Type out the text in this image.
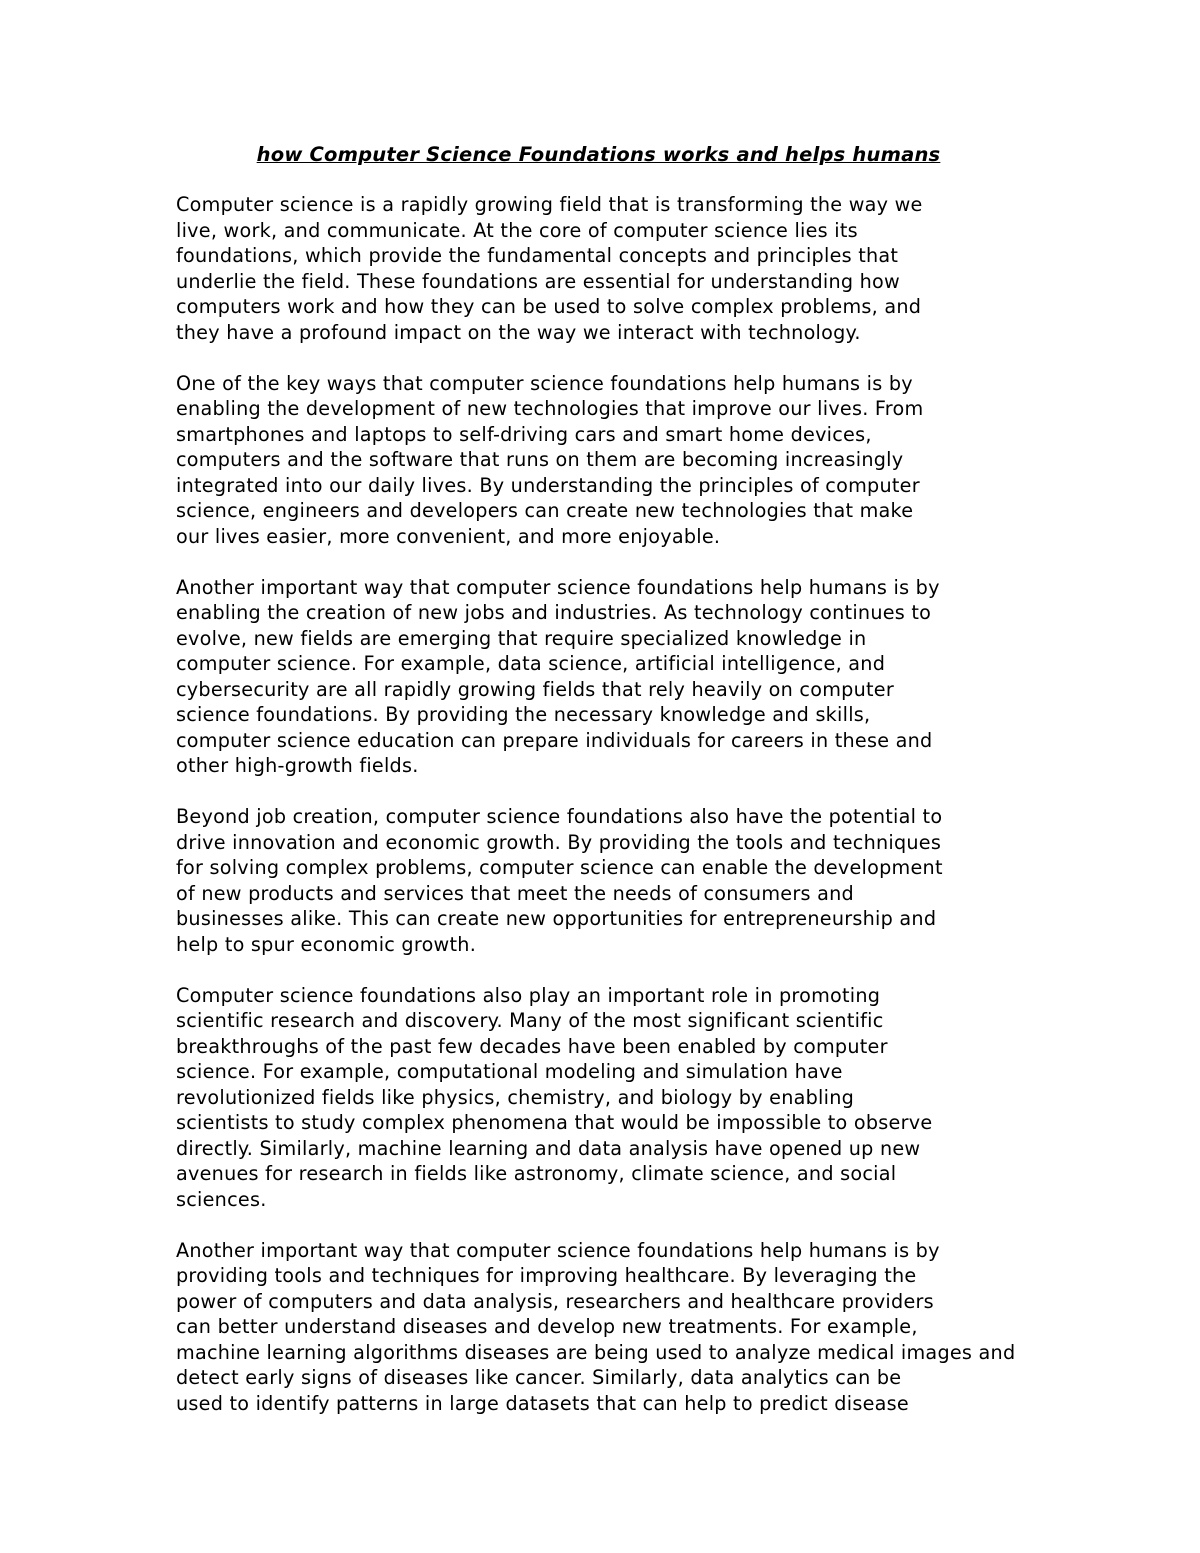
how Computer Science Foundations works and helps humans

Computer science is a rapidly growing field that is transforming the way we
live, work, and communicate. At the core of computer science lies its
foundations, which provide the fundamental concepts and principles that
underlie the field. These foundations are essential for understanding how
computers work and how they can be used to solve complex problems, and
they have a profound impact on the way we interact with technology.

One of the key ways that computer science foundations help humans is by
enabling the development of new technologies that improve our lives. From
smartphones and laptops to self-driving cars and smart home devices,
computers and the software that runs on them are becoming increasingly
integrated into our daily lives. By understanding the principles of computer
science, engineers and developers can create new technologies that make
our lives easier, more convenient, and more enjoyable.

Another important way that computer science foundations help humans is by
enabling the creation of new jobs and industries. As technology continues to
evolve, new fields are emerging that require specialized knowledge in
computer science. For example, data science, artificial intelligence, and
cybersecurity are all rapidly growing fields that rely heavily on computer
science foundations. By providing the necessary knowledge and skills,
computer science education can prepare individuals for careers in these and
other high-growth fields.

Beyond job creation, computer science foundations also have the potential to
drive innovation and economic growth. By providing the tools and techniques
for solving complex problems, computer science can enable the development
of new products and services that meet the needs of consumers and
businesses alike. This can create new opportunities for entrepreneurship and
help to spur economic growth.

Computer science foundations also play an important role in promoting
scientific research and discovery. Many of the most significant scientific
breakthroughs of the past few decades have been enabled by computer
science. For example, computational modeling and simulation have
revolutionized fields like physics, chemistry, and biology by enabling
scientists to study complex phenomena that would be impossible to observe
directly. Similarly, machine learning and data analysis have opened up new
avenues for research in fields like astronomy, climate science, and social
sciences.

Another important way that computer science foundations help humans is by
providing tools and techniques for improving healthcare. By leveraging the
power of computers and data analysis, researchers and healthcare providers
can better understand diseases and develop new treatments. For example,
machine learning algorithms diseases are being used to analyze medical images and
detect early signs of diseases like cancer. Similarly, data analytics can be
used to identify patterns in large datasets that can help to predict disease
